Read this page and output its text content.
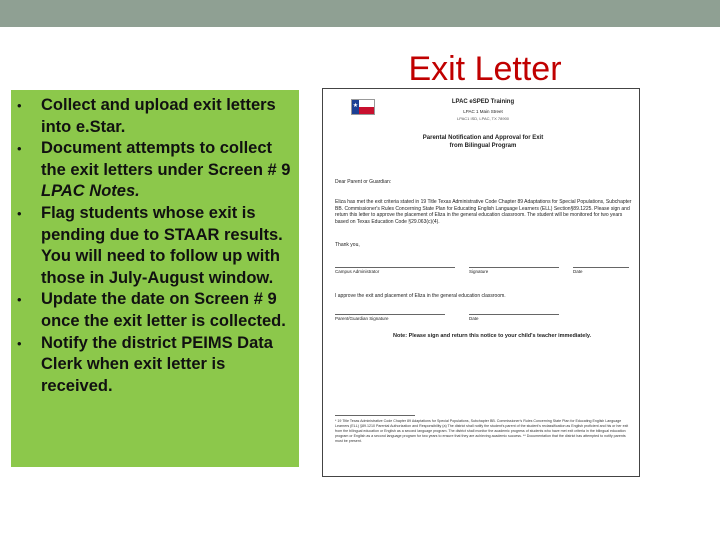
Exit Letter
• Collect and upload exit letters into e.Star.
• Document attempts to collect the exit letters under Screen # 9 LPAC Notes.
• Flag students whose exit is pending due to STAAR results. You will need to follow up with those in July-August window.
• Update the date on Screen # 9 once the exit letter is collected.
• Notify the district PEIMS Data Clerk when exit letter is received.
★
LPAC eSPED Training
LPAC 1 Main Street
LPAC1 ISD, LPAC, TX 78900
Parental Notification and Approval for Exit
from Bilingual Program
Dear Parent or Guardian:
Eliza has met the exit criteria stated in 19 Title Texas Administrative Code Chapter 89 Adaptations for Special Populations, Subchapter BB. Commissioner's Rules Concerning State Plan for Educating English Language Learners (ELL) Section§89.1225. Please sign and return this letter to approve the placement of Eliza in the general education classroom. The student will be monitored for two years based on Texas Education Code §29.063(c)(4).
Thank you,
Campus Administrator	Signature	Date
I approve the exit and placement of Eliza in the general education classroom.
Parent/Guardian Signature	Date
Note: Please sign and return this notice to your child's teacher immediately.
* 19 Title Texas Administrative Code Chapter 89 Adaptations for Special Populations, Subchapter BB. Commissioner's Rules Concerning State Plan for Educating English Language Learners (ELL) §89.1210 Parental Authorization and Responsibility (a) The district shall notify the student's parent of the student's reclassification as English proficient and his or her exit from the bilingual education or English as a second language program. The district shall monitor the academic progress of students who have met exit criteria in the bilingual education program or English as a second language program for two years to ensure that they are achieving academic success. ** Documentation that the district has attempted to notify parents must be present.
